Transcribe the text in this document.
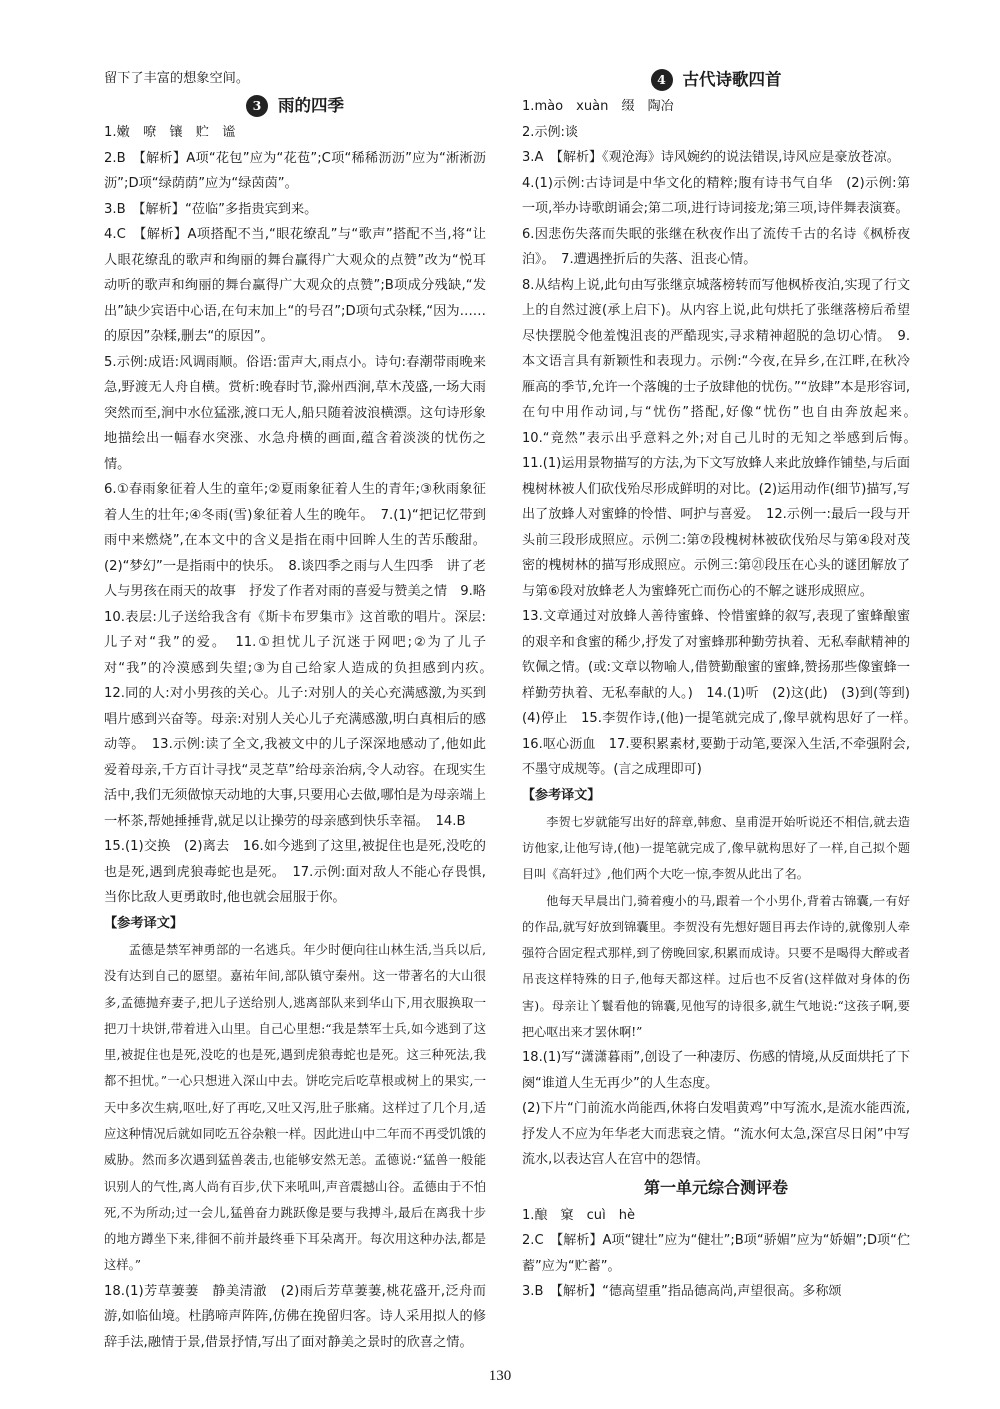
留下了丰富的想象空间。

3	雨的四季

1.嫩　嘹　镶　贮　谧

2.B　【解析】A项“花包”应为“花苞”;C项“稀稀沥沥”应为“淅淅沥沥”;D项“绿荫荫”应为“绿茵茵”。

3.B　【解析】“莅临”多指贵宾到来。

4.C　【解析】A项搭配不当,“眼花缭乱”与“歌声”搭配不当,将“让人眼花缭乱的歌声和绚丽的舞台赢得广大观众的点赞”改为“悦耳动听的歌声和绚丽的舞台赢得广大观众的点赞”;B项成分残缺,“发出”缺少宾语中心语,在句末加上“的号召”;D项句式杂糅,“因为……的原因”杂糅,删去“的原因”。

5.示例:成语:风调雨顺。俗语:雷声大,雨点小。诗句:春潮带雨晚来急,野渡无人舟自横。赏析:晚春时节,滁州西涧,草木茂盛,一场大雨突然而至,涧中水位猛涨,渡口无人,船只随着波浪横漂。这句诗形象地描绘出一幅春水突涨、水急舟横的画面,蕴含着淡淡的忧伤之情。

6.①春雨象征着人生的童年;②夏雨象征着人生的青年;③秋雨象征着人生的壮年;④冬雨(雪)象征着人生的晚年。　7.(1)“把记忆带到雨中来燃烧”,在本文中的含义是指在雨中回眸人生的苦乐酸甜。(2)“梦幻”一是指雨中的快乐。　8.谈四季之雨与人生四季　讲了老人与男孩在雨天的故事　抒发了作者对雨的喜爱与赞美之情　9.略　10.表层:儿子送给我含有《斯卡布罗集市》这首歌的唱片。深层:儿子对“我”的爱。　11.①担忧儿子沉迷于网吧;②为了儿子对“我”的冷漠感到失望;③为自己给家人造成的负担感到内疚。　12.同的人:对小男孩的关心。儿子:对别人的关心充满感激,为买到唱片感到兴奋等。母亲:对别人关心儿子充满感激,明白真相后的感动等。　13.示例:读了全文,我被文中的儿子深深地感动了,他如此爱着母亲,千方百计寻找“灵芝草”给母亲治病,令人动容。在现实生活中,我们无须做惊天动地的大事,只要用心去做,哪怕是为母亲端上一杯茶,帮她捶捶背,就足以让操劳的母亲感到快乐幸福。　14.B

15.(1)交换　(2)离去　16.如今逃到了这里,被捉住也是死,没吃的也是死,遇到虎狼毒蛇也是死。　17.示例:面对敌人不能心存畏惧,当你比敌人更勇敢时,他也就会屈服于你。

【参考译文】

孟德是禁军神勇部的一名逃兵。年少时便向往山林生活,当兵以后,没有达到自己的愿望。嘉祐年间,部队镇守秦州。这一带著名的大山很多,孟德抛弃妻子,把儿子送给别人,逃离部队来到华山下,用衣服换取一把刀十块饼,带着进入山里。自己心里想:“我是禁军士兵,如今逃到了这里,被捉住也是死,没吃的也是死,遇到虎狼毒蛇也是死。这三种死法,我都不担忧。”一心只想进入深山中去。饼吃完后吃草根或树上的果实,一天中多次生病,呕吐,好了再吃,又吐又泻,肚子胀痛。这样过了几个月,适应这种情况后就如同吃五谷杂粮一样。因此进山中二年而不再受饥饿的威胁。然而多次遇到猛兽袭击,也能够安然无恙。孟德说:“猛兽一般能识别人的气性,离人尚有百步,伏下来吼叫,声音震撼山谷。孟德由于不怕死,不为所动;过一会儿,猛兽奋力跳跃像是要与我搏斗,最后在离我十步的地方蹲坐下来,徘徊不前并最终垂下耳朵离开。每次用这种办法,都是这样。”

18.(1)芳草萋萋　静美清澈　(2)雨后芳草萋萋,桃花盛开,泛舟而游,如临仙境。杜鹃啼声阵阵,仿佛在挽留归客。诗人采用拟人的修辞手法,融情于景,借景抒情,写出了面对静美之景时的欣喜之情。

4	古代诗歌四首

1.mào　xuàn　缀　陶冶

2.示例:谈

3.A　【解析】《观沧海》诗风婉约的说法错误,诗风应是豪放苍凉。

4.(1)示例:古诗词是中华文化的精粹;腹有诗书气自华　(2)示例:第一项,举办诗歌朗诵会;第二项,进行诗词接龙;第三项,诗伴舞表演赛。

6.因悲伤失落而失眠的张继在秋夜作出了流传千古的名诗《枫桥夜泊》。　7.遭遇挫折后的失落、沮丧心情。

8.从结构上说,此句由写张继京城落榜转而写他枫桥夜泊,实现了行文上的自然过渡(承上启下)。从内容上说,此句烘托了张继落榜后希望尽快摆脱令他羞愧沮丧的严酷现实,寻求精神超脱的急切心情。　9.本文语言具有新颖性和表现力。示例:“今夜,在异乡,在江畔,在秋冷雁高的季节,允许一个落魄的士子放肆他的忧伤。”“放肆”本是形容词,在句中用作动词,与“忧伤”搭配,好像“忧伤”也自由奔放起来。　10.“竟然”表示出乎意料之外;对自己儿时的无知之举感到后悔。　11.(1)运用景物描写的方法,为下文写放蜂人来此放蜂作铺垫,与后面槐树林被人们砍伐殆尽形成鲜明的对比。(2)运用动作(细节)描写,写出了放蜂人对蜜蜂的怜惜、呵护与喜爱。　12.示例一:最后一段与开头前三段形成照应。示例二:第⑦段槐树林被砍伐殆尽与第④段对茂密的槐树林的描写形成照应。示例三:第㉑段压在心头的谜团解放了与第⑥段对放蜂老人为蜜蜂死亡而伤心的不解之谜形成照应。

13.文章通过对放蜂人善待蜜蜂、怜惜蜜蜂的叙写,表现了蜜蜂酿蜜的艰辛和食蜜的稀少,抒发了对蜜蜂那种勤劳执着、无私奉献精神的钦佩之情。(或:文章以物喻人,借赞勤酿蜜的蜜蜂,赞扬那些像蜜蜂一样勤劳执着、无私奉献的人。)　14.(1)听　(2)这(此)　(3)到(等到)　(4)停止　15.李贺作诗,(他)一提笔就完成了,像早就构思好了一样。　16.呕心沥血　17.要积累素材,要勤于动笔,要深入生活,不牵强附会,不墨守成规等。(言之成理即可)

【参考译文】

李贺七岁就能写出好的辞章,韩愈、皇甫湜开始听说还不相信,就去造访他家,让他写诗,(他)一提笔就完成了,像早就构思好了一样,自己拟个题目叫《高轩过》,他们两个大吃一惊,李贺从此出了名。

他每天早晨出门,骑着瘦小的马,跟着一个小男仆,背着古锦囊,一有好的作品,就写好放到锦囊里。李贺没有先想好题目再去作诗的,就像别人牵强符合固定程式那样,到了傍晚回家,积累而成诗。只要不是喝得大醉或者吊丧这样特殊的日子,他每天都这样。过后也不反省(这样做对身体的伤害)。母亲让丫鬟看他的锦囊,见他写的诗很多,就生气地说:“这孩子啊,要把心呕出来才罢休啊!”

18.(1)写“潇潇暮雨”,创设了一种凄厉、伤感的情境,从反面烘托了下阕“谁道人生无再少”的人生态度。

(2)下片“门前流水尚能西,休将白发唱黄鸡”中写流水,是流水能西流,抒发人不应为年华老大而悲衰之情。“流水何太急,深宫尽日闲”中写流水,以表达宫人在宫中的怨情。

第一单元综合测评卷

1.酿　窠　cuì　hè

2.C　【解析】A项“键壮”应为“健壮”;B项“骄媚”应为“娇媚”;D项“伫蓄”应为“贮蓄”。

3.B　【解析】“德高望重”指品德高尚,声望很高。多称颂

130
